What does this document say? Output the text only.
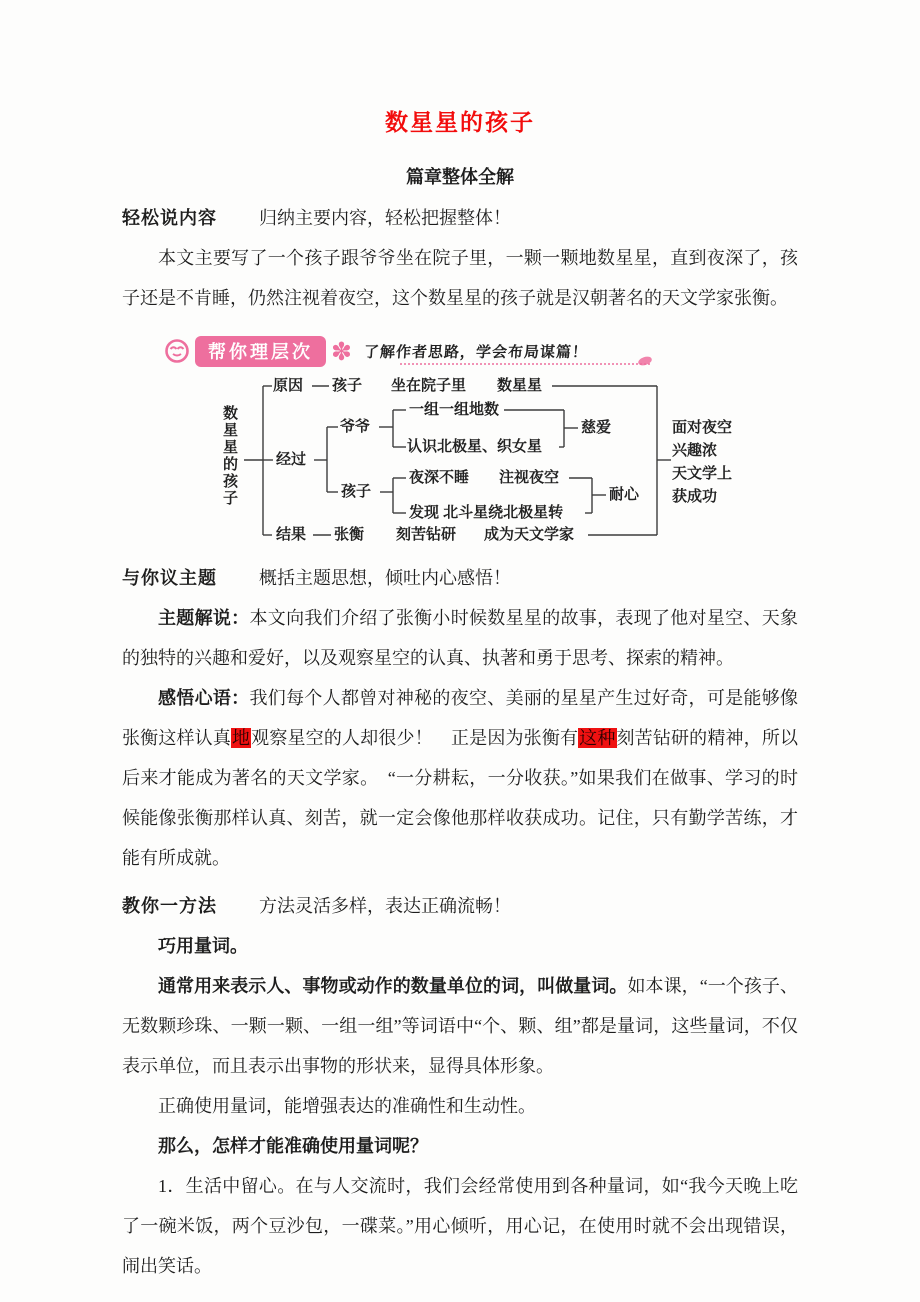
数星星的孩子
篇章整体全解
轻松说内容 归纳主要内容，轻松把握整体！

本文主要写了一个孩子跟爷爷坐在院子里，一颗一颗地数星星，直到夜深了，孩子还是不肯睡，仍然注视着夜空，这个数星星的孩子就是汉朝著名的天文学家张衡。

帮你理层次 ✽ 了解作者思路，学会布局谋篇！
数星星的孩子
原因 孩子 坐在院子里 数星星
经过
爷爷
一组一组地数
认识北极星、织女星
慈爱
孩子
夜深不睡 注视夜空
发现 北斗星绕北极星转
耐心
结果 张衡 刻苦钻研 成为天文学家
面对夜空
兴趣浓
天文学上
获成功
与你议主题 概括主题思想，倾吐内心感悟！

主题解说：本文向我们介绍了张衡小时候数星星的故事，表现了他对星空、天象的独特的兴趣和爱好，以及观察星空的认真、执著和勇于思考、探索的精神。

感悟心语：我们每个人都曾对神秘的夜空、美丽的星星产生过好奇，可是能够像张衡这样认真地观察星空的人却很少！　正是因为张衡有这种刻苦钻研的精神，所以后来才能成为著名的天文学家。　“一分耕耘，一分收获。”如果我们在做事、学习的时候能像张衡那样认真、刻苦，就一定会像他那样收获成功。记住，只有勤学苦练，才能有所成就。

教你一方法 方法灵活多样，表达正确流畅！

巧用量词。

通常用来表示人、事物或动作的数量单位的词，叫做量词。如本课，“一个孩子、无数颗珍珠、一颗一颗、一组一组”等词语中“个、颗、组”都是量词，这些量词，不仅表示单位，而且表示出事物的形状来，显得具体形象。

正确使用量词，能增强表达的准确性和生动性。

那么，怎样才能准确使用量词呢？

1．生活中留心。在与人交流时，我们会经常使用到各种量词，如“我今天晚上吃了一碗米饭，两个豆沙包，一碟菜。”用心倾听，用心记，在使用时就不会出现错误，闹出笑话。
